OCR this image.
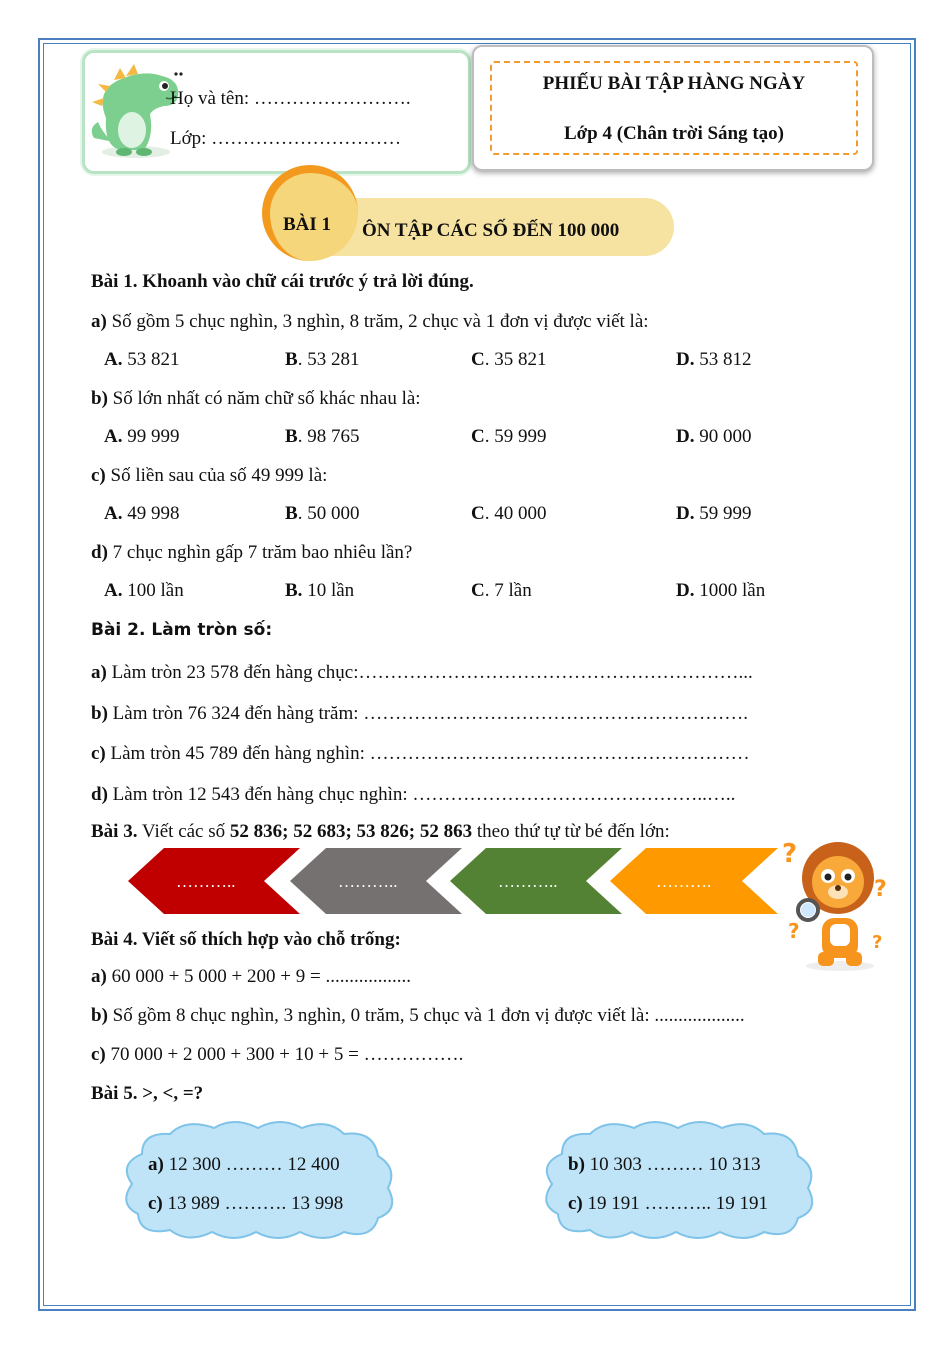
Họ và tên: …………………….
Lớp: …………………………
PHIẾU BÀI TẬP HÀNG NGÀY
Lớp 4 (Chân trời Sáng tạo)
BÀI 1 ÔN TẬP CÁC SỐ ĐẾN 100 000
Bài 1. Khoanh vào chữ cái trước ý trả lời đúng.
a) Số gồm 5 chục nghìn, 3 nghìn, 8 trăm, 2 chục và 1 đơn vị được viết là:
A. 53 821	B. 53 281	C. 35 821	D. 53 812
b) Số lớn nhất có năm chữ số khác nhau là:
A. 99 999	B. 98 765	C. 59 999	D. 90 000
c) Số liền sau của số 49 999 là:
A. 49 998	B. 50 000	C. 40 000	D. 59 999
d) 7 chục nghìn gấp 7 trăm bao nhiêu lần?
A. 100 lần	B. 10 lần	C. 7 lần	D. 1000 lần
Bài 2. Làm tròn số:
a) Làm tròn 23 578 đến hàng chục:……………………………………………………...
b) Làm tròn 76 324 đến hàng trăm: …………………………………………………….
c) Làm tròn 45 789 đến hàng nghìn: ……………………………………………………
d) Làm tròn 12 543 đến hàng chục nghìn: ………………………………………..…..
Bài 3. Viết các số 52 836; 52 683; 53 826; 52 863 theo thứ tự từ bé đến lớn:
………..	………..	………..	……….
?
?
?	?
Bài 4. Viết số thích hợp vào chỗ trống:
a) 60 000 + 5 000 + 200 + 9 = ..................
b) Số gồm 8 chục nghìn, 3 nghìn, 0 trăm, 5 chục và 1 đơn vị được viết là: ...................
c) 70 000 + 2 000 + 300 + 10 + 5 = …………….
Bài 5. >, <, =?
a) 12 300 ……… 12 400
c) 13 989 ………. 13 998
b) 10 303 ……… 10 313
c) 19 191 ……….. 19 191
